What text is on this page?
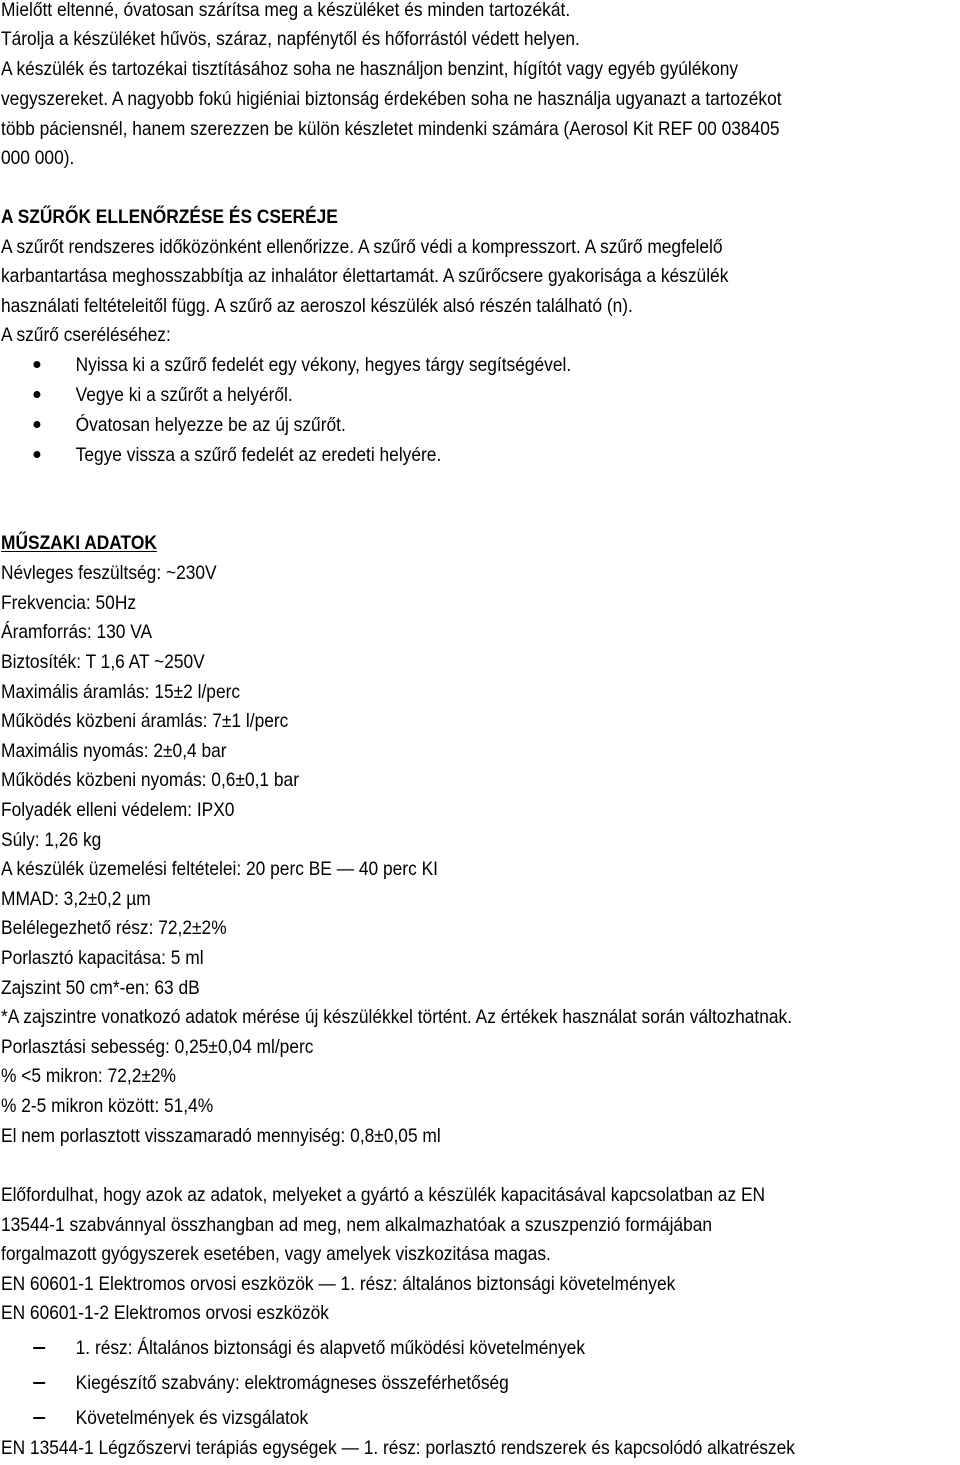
Mielőtt eltenné, óvatosan szárítsa meg a készüléket és minden tartozékát.
Tárolja a készüléket hűvös, száraz, napfénytől és hőforrástól védett helyen.
A készülék és tartozékai tisztításához soha ne használjon benzint, hígítót vagy egyéb gyúlékony
vegyszereket. A nagyobb fokú higiéniai biztonság érdekében soha ne használja ugyanazt a tartozékot
több páciensnél, hanem szerezzen be külön készletet mindenki számára (Aerosol Kit REF 00 038405
000 000).
A SZŰRŐK ELLENŐRZÉSE ÉS CSERÉJE
A szűrőt rendszeres időközönként ellenőrizze. A szűrő védi a kompresszort. A szűrő megfelelő
karbantartása meghosszabbítja az inhalátor élettartamát. A szűrőcsere gyakorisága a készülék
használati feltételeitől függ. A szűrő az aeroszol készülék alsó részén található (n).
A szűrő cseréléséhez:
Nyissa ki a szűrő fedelét egy vékony, hegyes tárgy segítségével.
Vegye ki a szűrőt a helyéről.
Óvatosan helyezze be az új szűrőt.
Tegye vissza a szűrő fedelét az eredeti helyére.
MŰSZAKI ADATOK
Névleges feszültség: ~230V
Frekvencia: 50Hz
Áramforrás: 130 VA
Biztosíték: T 1,6 AT ~250V
Maximális áramlás: 15±2 l/perc
Működés közbeni áramlás: 7±1 l/perc
Maximális nyomás: 2±0,4 bar
Működés közbeni nyomás: 0,6±0,1 bar
Folyadék elleni védelem: IPX0
Súly: 1,26 kg
A készülék üzemelési feltételei: 20 perc BE — 40 perc KI
MMAD: 3,2±0,2 µm
Belélegezhető rész: 72,2±2%
Porlasztó kapacitása: 5 ml
Zajszint 50 cm*-en: 63 dB
*A zajszintre vonatkozó adatok mérése új készülékkel történt. Az értékek használat során változhatnak.
Porlasztási sebesség: 0,25±0,04 ml/perc
% <5 mikron: 72,2±2%
% 2-5 mikron között: 51,4%
El nem porlasztott visszamaradó mennyiség: 0,8±0,05 ml
Előfordulhat, hogy azok az adatok, melyeket a gyártó a készülék kapacitásával kapcsolatban az EN
13544-1 szabvánnyal összhangban ad meg, nem alkalmazhatóak a szuszpenzió formájában
forgalmazott gyógyszerek esetében, vagy amelyek viszkozitása magas.
EN 60601-1 Elektromos orvosi eszközök — 1. rész: általános biztonsági követelmények
EN 60601-1-2 Elektromos orvosi eszközök
1. rész: Általános biztonsági és alapvető működési követelmények
Kiegészítő szabvány: elektromágneses összeférhetőség
Követelmények és vizsgálatok
EN 13544-1 Légzőszervi terápiás egységek — 1. rész: porlasztó rendszerek és kapcsolódó alkatrészek
